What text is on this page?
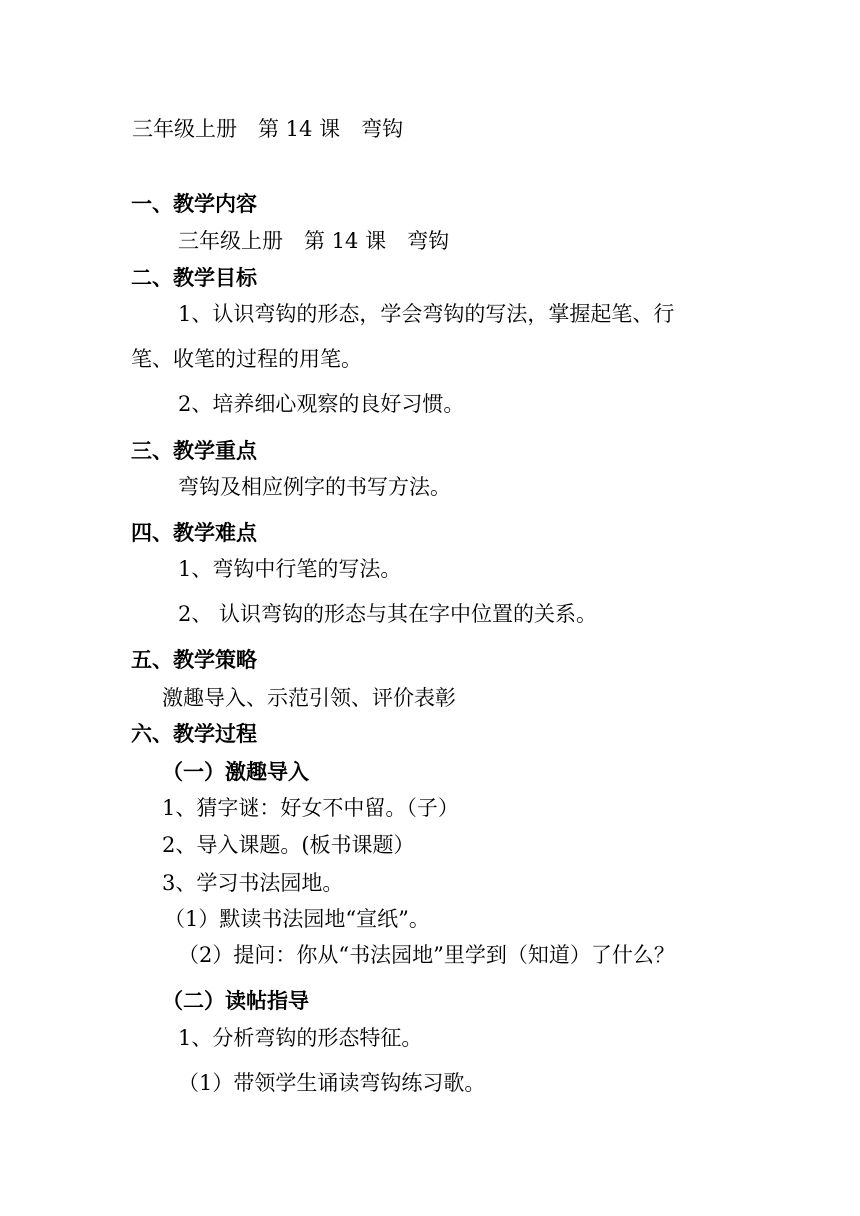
三年级上册　第 14 课　弯钩
一、教学内容
三年级上册　第 14 课　弯钩
二、教学目标
1、认识弯钩的形态，学会弯钩的写法，掌握起笔、行
笔、收笔的过程的用笔。
2、培养细心观察的良好习惯。
三、教学重点
弯钩及相应例字的书写方法。
四、教学难点
1、弯钩中行笔的写法。
2、 认识弯钩的形态与其在字中位置的关系。
五、教学策略
激趣导入、示范引领、评价表彰
六、教学过程
（一）激趣导入
1、猜字谜：好女不中留。（子）
2、导入课题。(板书课题）
3、学习书法园地。
（1）默读书法园地“宣纸”。
（2）提问：你从“书法园地”里学到（知道）了什么？
（二）读帖指导
1、分析弯钩的形态特征。
（1）带领学生诵读弯钩练习歌。
